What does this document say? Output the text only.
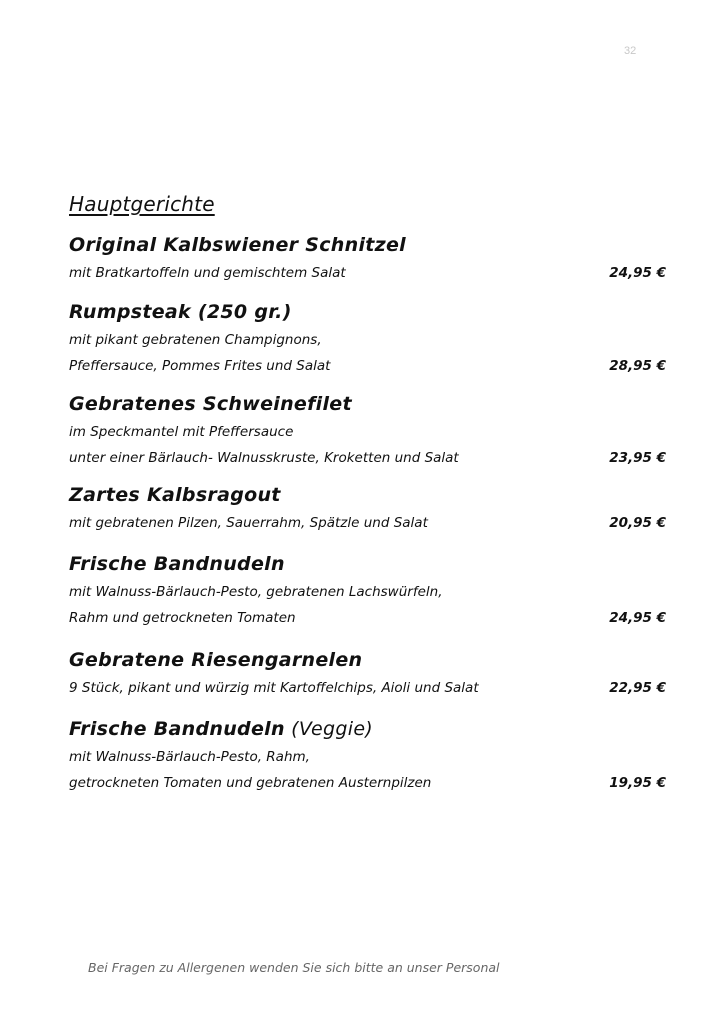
32
Hauptgerichte
Original Kalbswiener Schnitzel
mit Bratkartoffeln und gemischtem Salat	24,95 €
Rumpsteak (250 gr.)
mit pikant gebratenen Champignons,
Pfeffersauce, Pommes Frites und Salat	28,95 €
Gebratenes Schweinefilet
im Speckmantel mit Pfeffersauce
unter einer Bärlauch- Walnusskruste, Kroketten und Salat	23,95 €
Zartes Kalbsragout
mit gebratenen Pilzen, Sauerrahm, Spätzle und Salat	20,95 €
Frische Bandnudeln
mit Walnuss-Bärlauch-Pesto, gebratenen Lachswürfeln,
Rahm und getrockneten Tomaten	24,95 €
Gebratene Riesengarnelen
9 Stück, pikant und würzig mit Kartoffelchips, Aioli und Salat	22,95 €
Frische Bandnudeln (Veggie)
mit Walnuss-Bärlauch-Pesto, Rahm,
getrockneten Tomaten und gebratenen Austernpilzen	19,95 €
Bei Fragen zu Allergenen wenden Sie sich bitte an unser Personal
